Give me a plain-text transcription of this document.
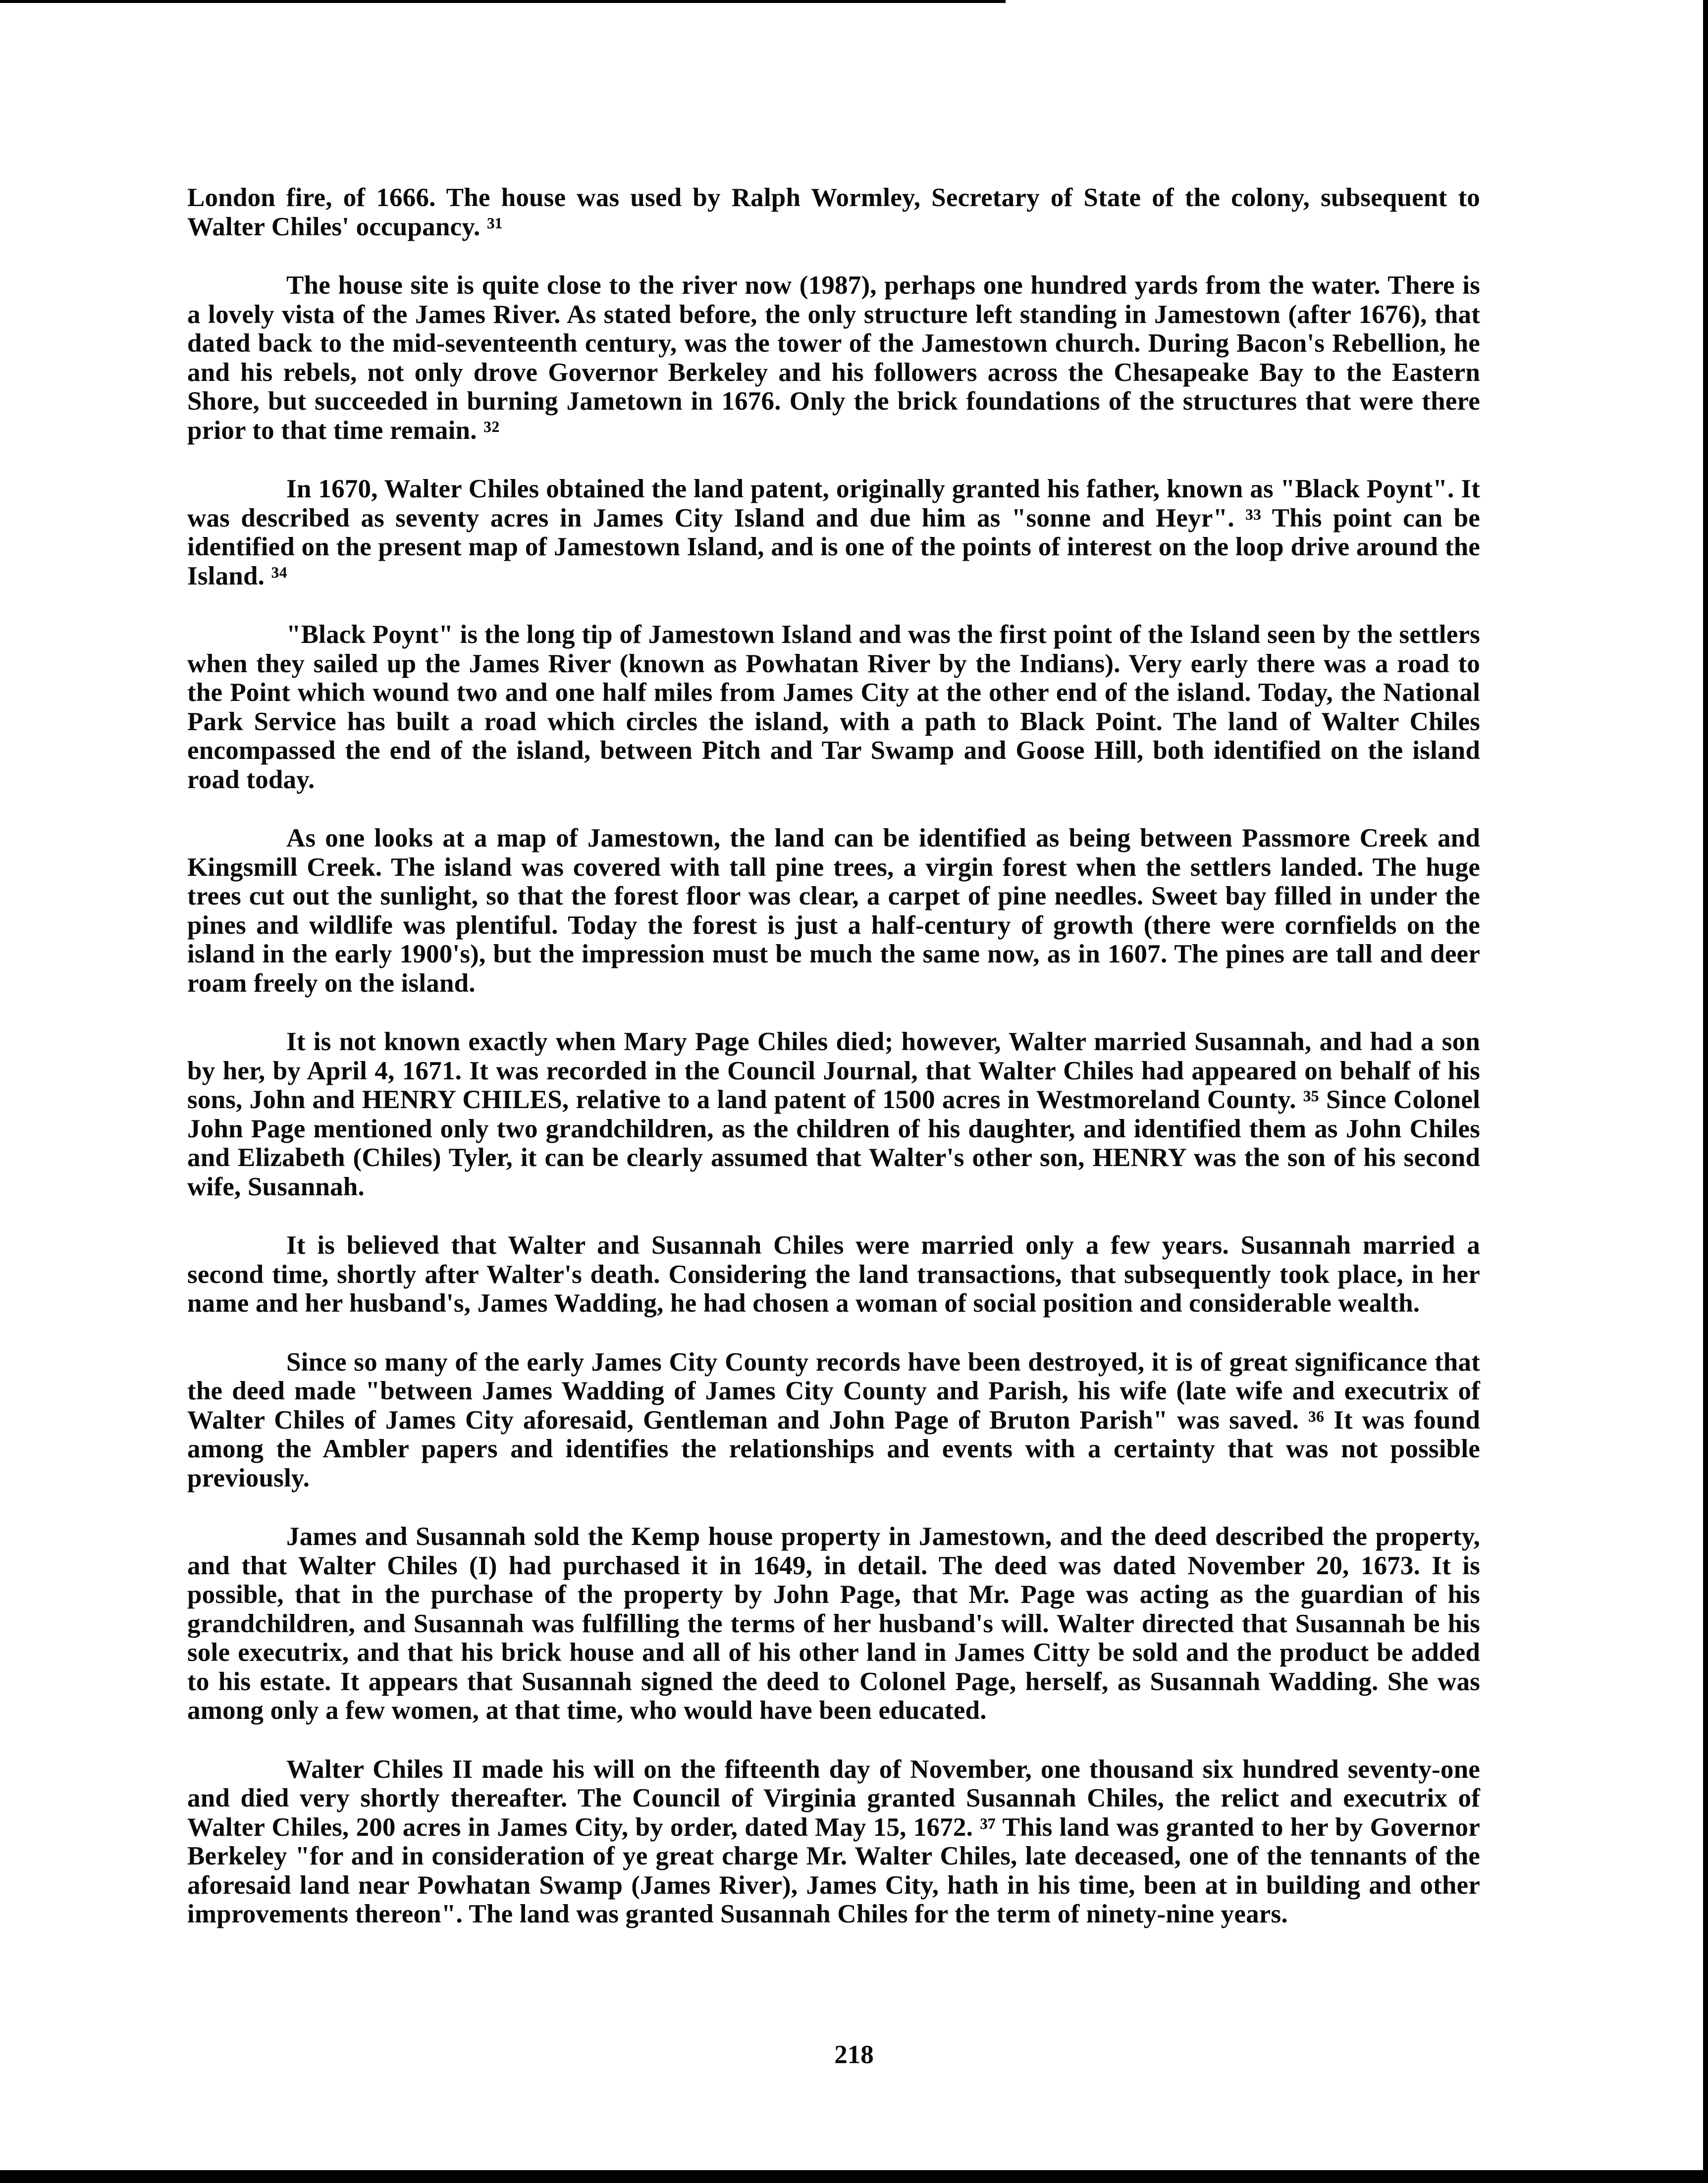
London fire, of 1666. The house was used by Ralph Wormley, Secretary of State of the colony, subsequent to Walter Chiles' occupancy. ³¹

The house site is quite close to the river now (1987), perhaps one hundred yards from the water. There is a lovely vista of the James River. As stated before, the only structure left standing in Jamestown (after 1676), that dated back to the mid-seventeenth century, was the tower of the Jamestown church. During Bacon's Rebellion, he and his rebels, not only drove Governor Berkeley and his followers across the Chesapeake Bay to the Eastern Shore, but succeeded in burning Jametown in 1676. Only the brick foundations of the structures that were there prior to that time remain. ³²

In 1670, Walter Chiles obtained the land patent, originally granted his father, known as "Black Poynt". It was described as seventy acres in James City Island and due him as "sonne and Heyr". ³³ This point can be identified on the present map of Jamestown Island, and is one of the points of interest on the loop drive around the Island. ³⁴

"Black Poynt" is the long tip of Jamestown Island and was the first point of the Island seen by the settlers when they sailed up the James River (known as Powhatan River by the Indians). Very early there was a road to the Point which wound two and one half miles from James City at the other end of the island. Today, the National Park Service has built a road which circles the island, with a path to Black Point. The land of Walter Chiles encompassed the end of the island, between Pitch and Tar Swamp and Goose Hill, both identified on the island road today.

As one looks at a map of Jamestown, the land can be identified as being between Passmore Creek and Kingsmill Creek. The island was covered with tall pine trees, a virgin forest when the settlers landed. The huge trees cut out the sunlight, so that the forest floor was clear, a carpet of pine needles. Sweet bay filled in under the pines and wildlife was plentiful. Today the forest is just a half-century of growth (there were cornfields on the island in the early 1900's), but the impression must be much the same now, as in 1607. The pines are tall and deer roam freely on the island.

It is not known exactly when Mary Page Chiles died; however, Walter married Susannah, and had a son by her, by April 4, 1671. It was recorded in the Council Journal, that Walter Chiles had appeared on behalf of his sons, John and HENRY CHILES, relative to a land patent of 1500 acres in Westmoreland County. ³⁵ Since Colonel John Page mentioned only two grandchildren, as the children of his daughter, and identified them as John Chiles and Elizabeth (Chiles) Tyler, it can be clearly assumed that Walter's other son, HENRY was the son of his second wife, Susannah.

It is believed that Walter and Susannah Chiles were married only a few years. Susannah married a second time, shortly after Walter's death. Considering the land transactions, that subsequently took place, in her name and her husband's, James Wadding, he had chosen a woman of social position and considerable wealth.

Since so many of the early James City County records have been destroyed, it is of great significance that the deed made "between James Wadding of James City County and Parish, his wife (late wife and executrix of Walter Chiles of James City aforesaid, Gentleman and John Page of Bruton Parish" was saved. ³⁶ It was found among the Ambler papers and identifies the relationships and events with a certainty that was not possible previously.

James and Susannah sold the Kemp house property in Jamestown, and the deed described the property, and that Walter Chiles (I) had purchased it in 1649, in detail. The deed was dated November 20, 1673. It is possible, that in the purchase of the property by John Page, that Mr. Page was acting as the guardian of his grandchildren, and Susannah was fulfilling the terms of her husband's will. Walter directed that Susannah be his sole executrix, and that his brick house and all of his other land in James Citty be sold and the product be added to his estate. It appears that Susannah signed the deed to Colonel Page, herself, as Susannah Wadding. She was among only a few women, at that time, who would have been educated.

Walter Chiles II made his will on the fifteenth day of November, one thousand six hundred seventy-one and died very shortly thereafter. The Council of Virginia granted Susannah Chiles, the relict and executrix of Walter Chiles, 200 acres in James City, by order, dated May 15, 1672. ³⁷ This land was granted to her by Governor Berkeley "for and in consideration of ye great charge Mr. Walter Chiles, late deceased, one of the tennants of the aforesaid land near Powhatan Swamp (James River), James City, hath in his time, been at in building and other improvements thereon". The land was granted Susannah Chiles for the term of ninety-nine years.

218
